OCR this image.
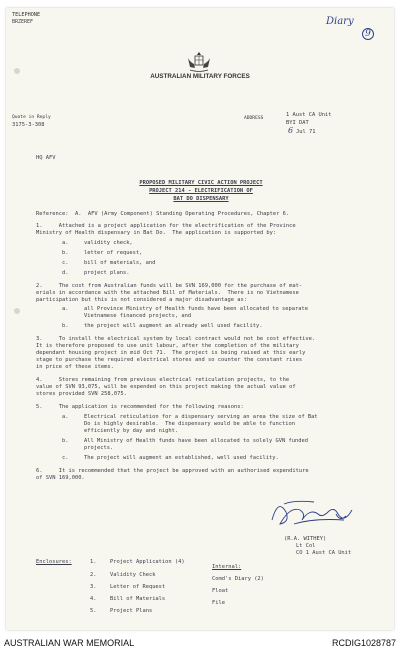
TELEPHONE
BRZEREF	Diary
9
AUSTRALIAN MILITARY FORCES
Quote in Reply
3175-3-308
ADDRESS
1 Aust CA Unit
BYI DAT
6 Jul 71
HQ AFV
PROPOSED MILITARY CIVIC ACTION PROJECT
PROJECT 214 - ELECTRIFICATION OF
BAT DO DISPENSARY
Reference:  A.  AFV (Army Component) Standing Operating Procedures, Chapter 6.
1.     Attached is a project application for the electrification of the Province
Ministry of Health dispensary in Bat Do.  The application is supported by:
a.	validity check,
b.	letter of request,
c.	bill of materials, and
d.	project plans.
2.     The cost from Australian funds will be SVN 169,000 for the purchase of mat-
erials in accordance with the attached Bill of Materials.  There is no Vietnamese
participation but this is not considered a major disadvantage as:
a.	all Province Ministry of Health funds have been allocated to separate
Vietnamese financed projects, and
b.	the project will augment an already well used facility.
3.     To install the electrical system by local contract would not be cost effective.
It is therefore proposed to use unit labour, after the completion of the military
dependant housing project in mid Oct 71.  The project is being raised at this early
stage to purchase the required electrical stores and so counter the constant rises
in price of these items.
4.     Stores remaining from previous electrical reticulation projects, to the
value of SVN 93,075, will be expended on this project making the actual value of
stores provided SVN 258,075.
5.     The application is recommended for the following reasons:
a.	Electrical reticulation for a dispensary serving an area the size of Bat
Do is highly desirable.  The dispensary would be able to function
efficiently by day and night.
b.	All Ministry of Health funds have been allocated to solely GVN funded
projects.
c.	The project will augment an established, well used facility.
6.     It is recommended that the project be approved with an authorised expenditure
of SVN 169,000.
(R.A. WITHEY)
Lt Col
CO 1 Aust CA Unit
Enclosures:	1.	Project Application (4)
2.	Validity Check
3.	Letter of Request
4.	Bill of Materials
5.	Project Plans
Internal:
Comd's Diary (2)
Float
File
AUSTRALIAN WAR MEMORIAL	RCDIG1028787
